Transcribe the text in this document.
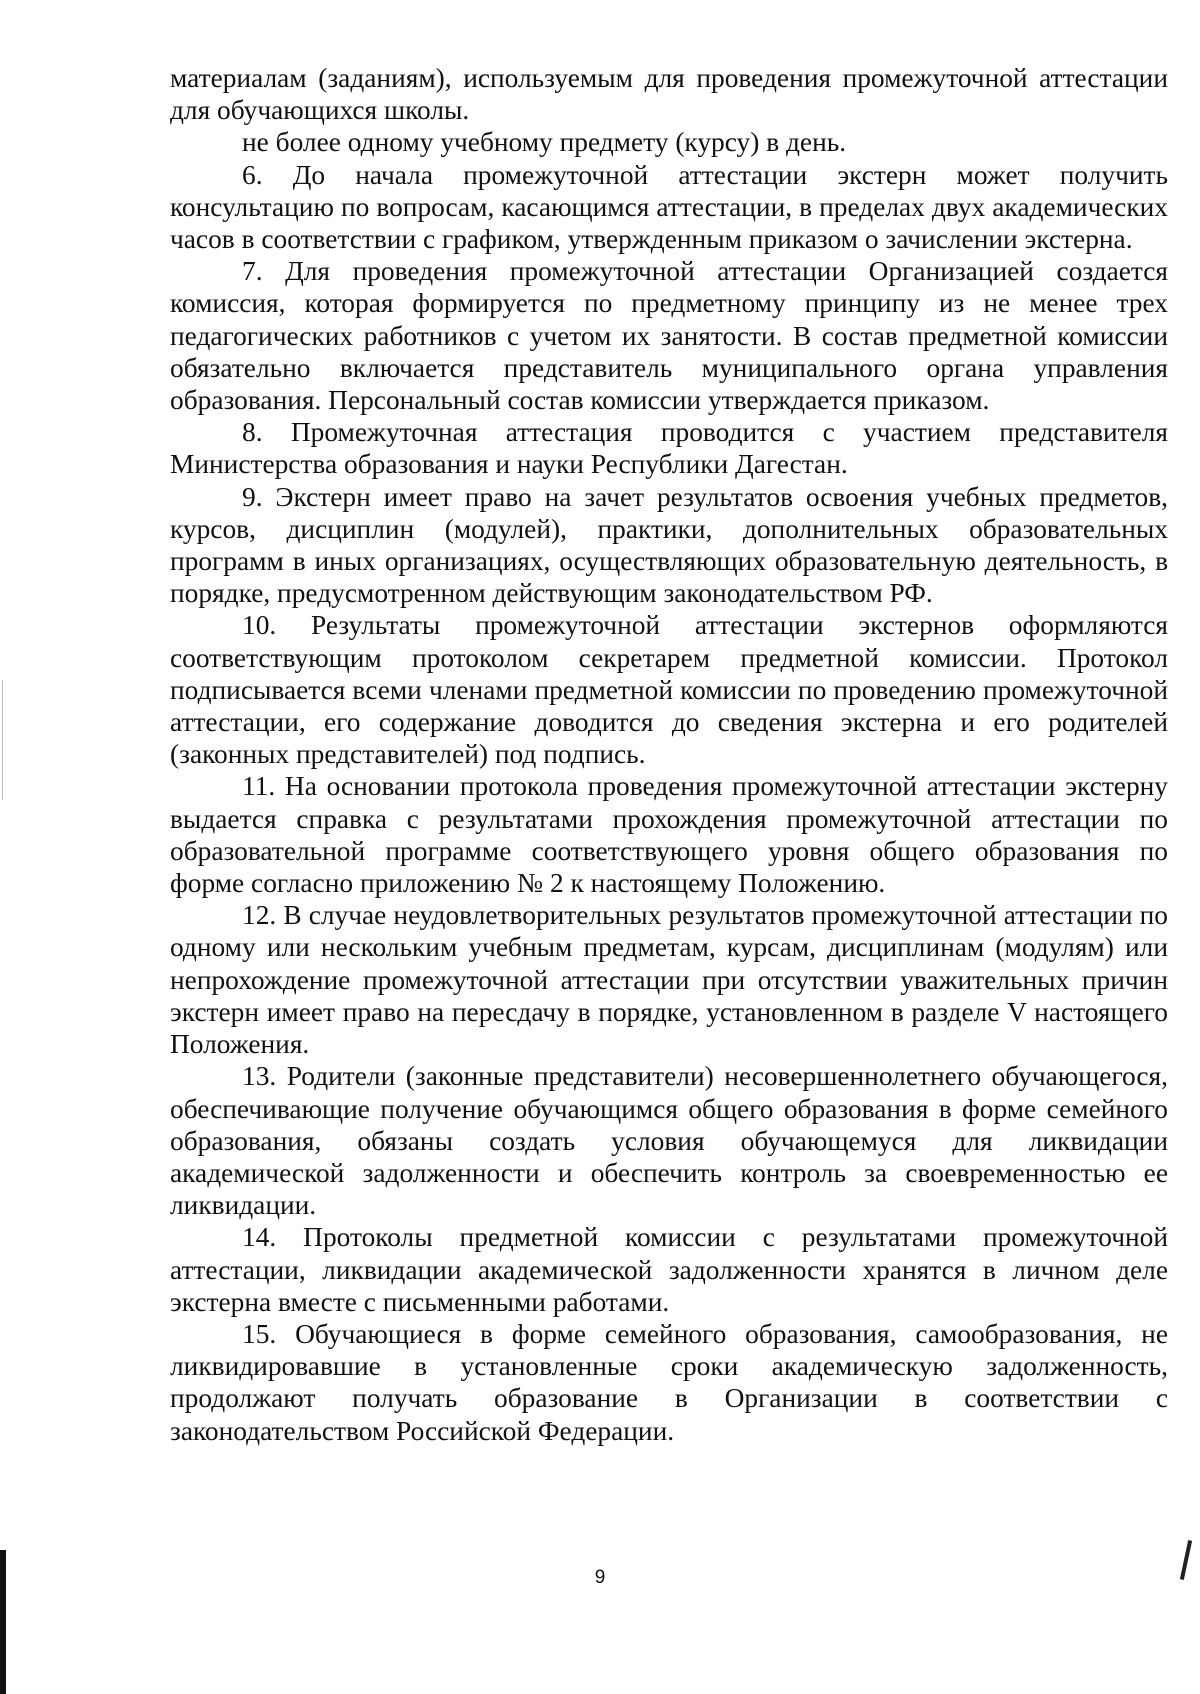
материалам (заданиям), используемым для проведения промежуточной аттестации для обучающихся школы.

не более одному учебному предмету (курсу) в день.

6. До начала промежуточной аттестации экстерн может получить консультацию по вопросам, касающимся аттестации, в пределах двух академических часов в соответствии с графиком, утвержденным приказом о зачислении экстерна.

7. Для проведения промежуточной аттестации Организацией создается комиссия, которая формируется по предметному принципу из не менее трех педагогических работников с учетом их занятости. В состав предметной комиссии обязательно включается представитель муниципального органа управления образования. Персональный состав комиссии утверждается приказом.

8. Промежуточная аттестация проводится с участием представителя Министерства образования и науки Республики Дагестан.

9. Экстерн имеет право на зачет результатов освоения учебных предметов, курсов, дисциплин (модулей), практики, дополнительных образовательных программ в иных организациях, осуществляющих образовательную деятельность, в порядке, предусмотренном действующим законодательством РФ.

10. Результаты промежуточной аттестации экстернов оформляются соответствующим протоколом секретарем предметной комиссии. Протокол подписывается всеми членами предметной комиссии по проведению промежуточной аттестации, его содержание доводится до сведения экстерна и его родителей (законных представителей) под подпись.

11. На основании протокола проведения промежуточной аттестации экстерну выдается справка с результатами прохождения промежуточной аттестации по образовательной программе соответствующего уровня общего образования по форме согласно приложению № 2 к настоящему Положению.

12. В случае неудовлетворительных результатов промежуточной аттестации по одному или нескольким учебным предметам, курсам, дисциплинам (модулям) или непрохождение промежуточной аттестации при отсутствии уважительных причин экстерн имеет право на пересдачу в порядке, установленном в разделе V настоящего Положения.

13. Родители (законные представители) несовершеннолетнего обучающегося, обеспечивающие получение обучающимся общего образования в форме семейного образования, обязаны создать условия обучающемуся для ликвидации академической задолженности и обеспечить контроль за своевременностью ее ликвидации.

14. Протоколы предметной комиссии с результатами промежуточной аттестации, ликвидации академической задолженности хранятся в личном деле экстерна вместе с письменными работами.

15. Обучающиеся в форме семейного образования, самообразования, не ликвидировавшие в установленные сроки академическую задолженность, продолжают получать образование в Организации в соответствии с законодательством Российской Федерации.

9
